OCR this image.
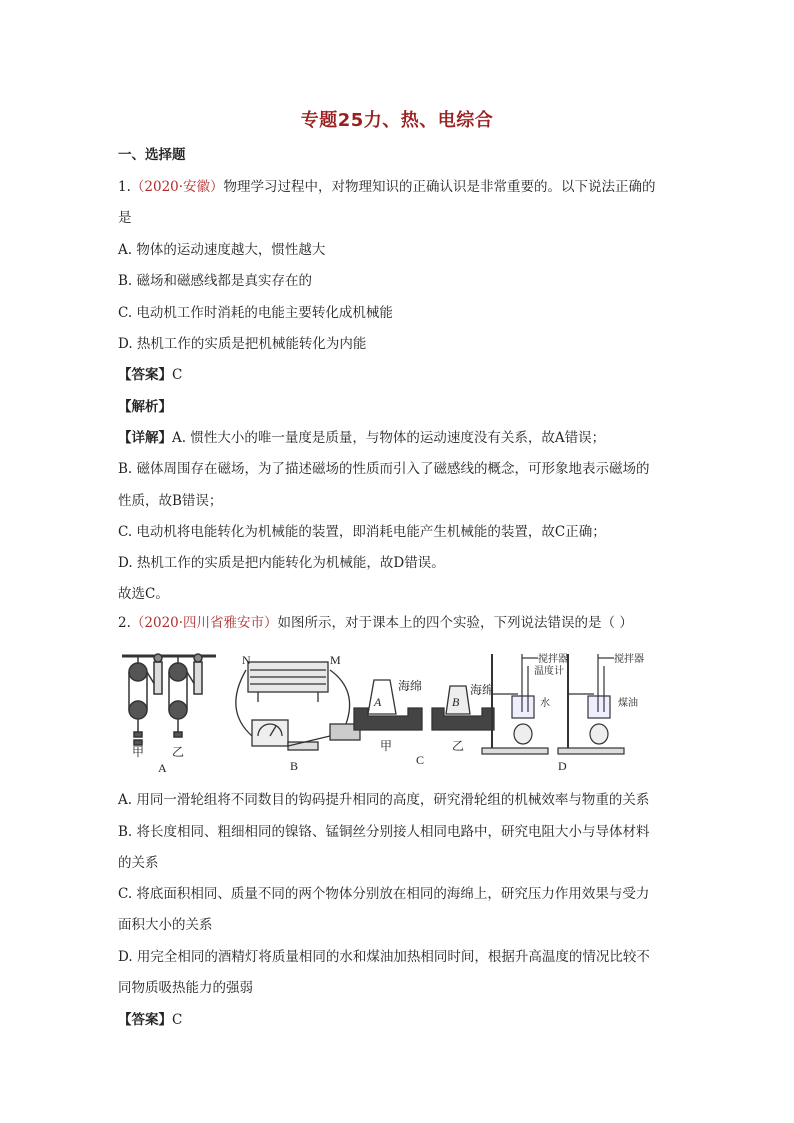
专题25力、热、电综合
一、选择题
1.（2020·安徽）物理学习过程中，对物理知识的正确认识是非常重要的。以下说法正确的
是
A. 物体的运动速度越大，惯性越大
B. 磁场和磁感线都是真实存在的
C. 电动机工作时消耗的电能主要转化成机械能
D. 热机工作的实质是把机械能转化为内能
【答案】C
【解析】
【详解】A. 惯性大小的唯一量度是质量，与物体的运动速度没有关系，故A错误；
B. 磁体周围存在磁场，为了描述磁场的性质而引入了磁感线的概念，可形象地表示磁场的
性质，故B错误；
C. 电动机将电能转化为机械能的装置，即消耗电能产生机械能的装置，故C正确；
D. 热机工作的实质是把内能转化为机械能，故D错误。
故选C。
2.（2020·四川省雅安市）如图所示，对于课本上的四个实验，下列说法错误的是（ ）
甲 乙
A
N	M
B
A	B
海绵	海绵
甲	乙
C
搅拌器
温度计
水
搅拌器
煤油
D
A. 用同一滑轮组将不同数目的钩码提升相同的高度，研究滑轮组的机械效率与物重的关系
B. 将长度相同、粗细相同的镍铬、锰铜丝分别接人相同电路中，研究电阻大小与导体材料
的关系
C. 将底面积相同、质量不同的两个物体分别放在相同的海绵上，研究压力作用效果与受力
面积大小的关系
D. 用完全相同的酒精灯将质量相同的水和煤油加热相同时间，根据升高温度的情况比较不
同物质吸热能力的强弱
【答案】C
